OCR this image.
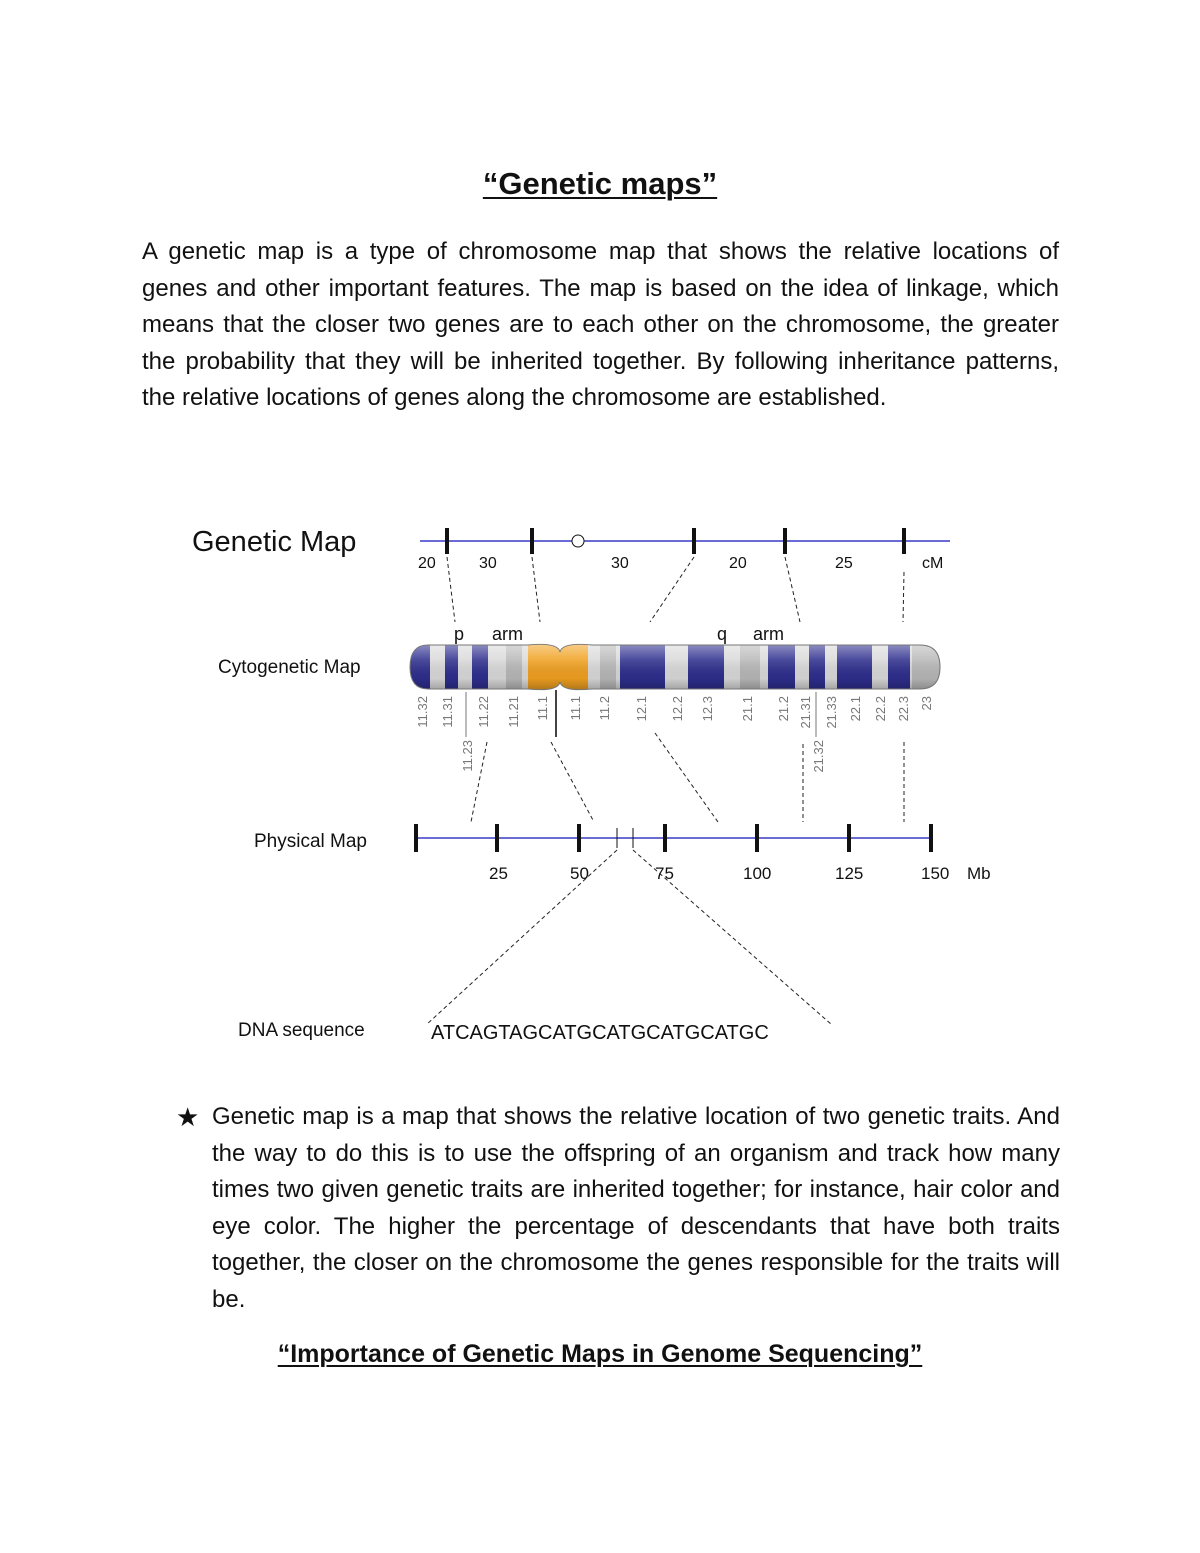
“Genetic maps”

A genetic map is a type of chromosome map that shows the relative locations of genes and other important features. The map is based on the idea of linkage, which means that the closer two genes are to each other on the chromosome, the greater the probability that they will be inherited together. By following inheritance patterns, the relative locations of genes along the chromosome are established.

Genetic Map
20	30	30	20	25	cM
Cytogenetic Map
p arm	q arm
11.32 11.31 11.22 11.21 11.1 11.1 11.2 12.1 12.2 12.3 21.1 21.2 21.31 21.33 22.1 22.2 22.3 23
11.23	21.32
Physical Map
25	50	75	100	125	150 Mb
DNA sequence	ATCAGTAGCATGCATGCATGCATGC
★ Genetic map is a map that shows the relative location of two genetic traits. And the way to do this is to use the offspring of an organism and track how many times two given genetic traits are inherited together; for instance, hair color and eye color. The higher the percentage of descendants that have both traits together, the closer on the chromosome the genes responsible for the traits will be.

“Importance of Genetic Maps in Genome Sequencing”
